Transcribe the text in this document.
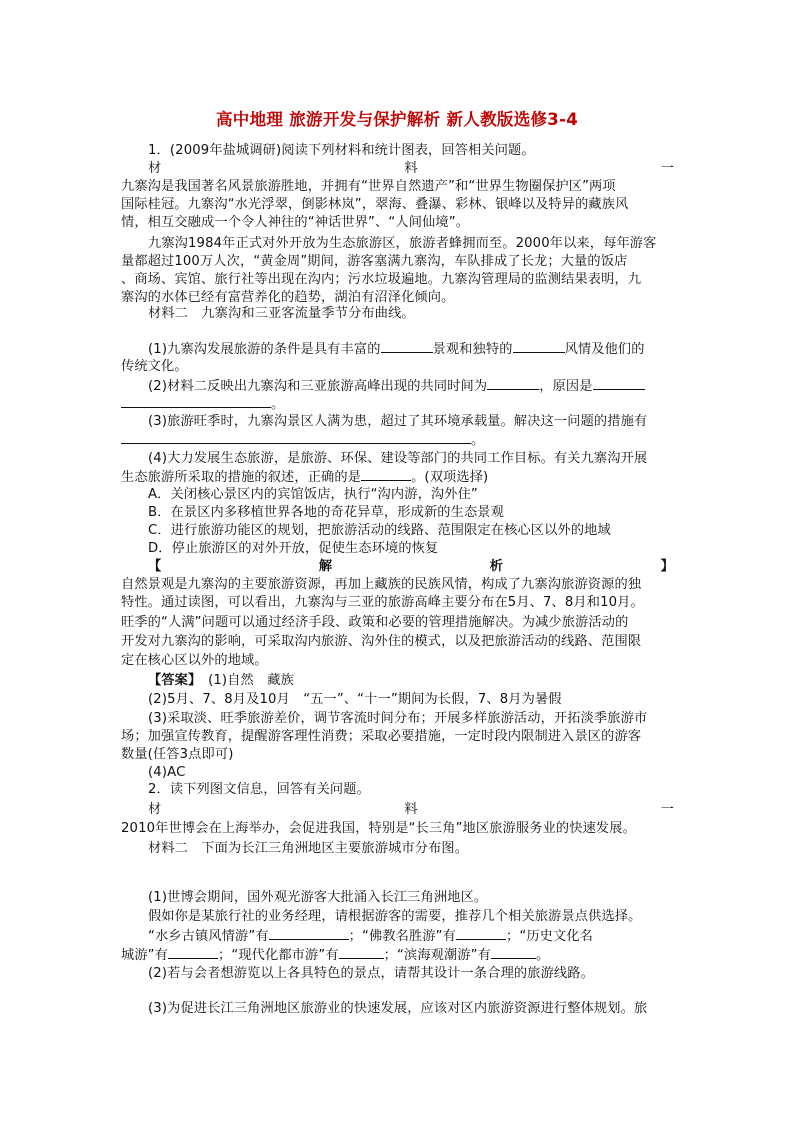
高中地理 旅游开发与保护解析 新人教版选修3-4
1．(2009年盐城调研)阅读下列材料和统计图表，回答相关问题。
材	料	一
九寨沟是我国著名风景旅游胜地，并拥有“世界自然遗产”和“世界生物圈保护区”两项
国际桂冠。九寨沟“水光浮翠，倒影林岚”，翠海、叠瀑、彩林、银峰以及特异的藏族风
情，相互交融成一个令人神往的“神话世界”、“人间仙境”。
九寨沟1984年正式对外开放为生态旅游区，旅游者蜂拥而至。2000年以来，每年游客
量都超过100万人次，“黄金周”期间，游客塞满九寨沟，车队排成了长龙；大量的饭店
、商场、宾馆、旅行社等出现在沟内；污水垃圾遍地。九寨沟管理局的监测结果表明，九
寨沟的水体已经有富营养化的趋势，湖泊有沼泽化倾向。
材料二　九寨沟和三亚客流量季节分布曲线。
(1)九寨沟发展旅游的条件是具有丰富的	景观和独特的	风情及他们的
传统文化。
(2)材料二反映出九寨沟和三亚旅游高峰出现的共同时间为	，原因是
。
(3)旅游旺季时，九寨沟景区人满为患，超过了其环境承载量。解决这一问题的措施有
。
(4)大力发展生态旅游，是旅游、环保、建设等部门的共同工作目标。有关九寨沟开展
生态旅游所采取的措施的叙述，正确的是	。(双项选择)
A．关闭核心景区内的宾馆饭店，执行“沟内游，沟外住”
B．在景区内多移植世界各地的奇花异草，形成新的生态景观
C．进行旅游功能区的规划，把旅游活动的线路、范围限定在核心区以外的地域
D．停止旅游区的对外开放，促使生态环境的恢复
【	解	析	】
自然景观是九寨沟的主要旅游资源，再加上藏族的民族风情，构成了九寨沟旅游资源的独
特性。通过读图，可以看出，九寨沟与三亚的旅游高峰主要分布在5月、7、8月和10月。
旺季的“人满”问题可以通过经济手段、政策和必要的管理措施解决。为减少旅游活动的
开发对九寨沟的影响，可采取沟内旅游、沟外住的模式，以及把旅游活动的线路、范围限
定在核心区以外的地域。
【答案】　(1)自然　藏族
(2)5月、7、8月及10月　“五一”、“十一”期间为长假，7、8月为暑假
(3)采取淡、旺季旅游差价，调节客流时间分布；开展多样旅游活动，开拓淡季旅游市
场；加强宣传教育，提醒游客理性消费；采取必要措施，一定时段内限制进入景区的游客
数量(任答3点即可)
(4)AC
2．读下列图文信息，回答有关问题。
材	料	一
2010年世博会在上海举办，会促进我国，特别是“长三角”地区旅游服务业的快速发展。
材料二　下面为长江三角洲地区主要旅游城市分布图。
(1)世博会期间，国外观光游客大批涌入长江三角洲地区。
假如你是某旅行社的业务经理，请根据游客的需要，推荐几个相关旅游景点供选择。
“水乡古镇风情游”有	；“佛教名胜游”有	；“历史文化名
城游”有	；“现代化都市游”有	；“滨海观潮游”有	。
(2)若与会者想游览以上各具特色的景点，请帮其设计一条合理的旅游线路。
(3)为促进长江三角洲地区旅游业的快速发展，应该对区内旅游资源进行整体规划。旅
